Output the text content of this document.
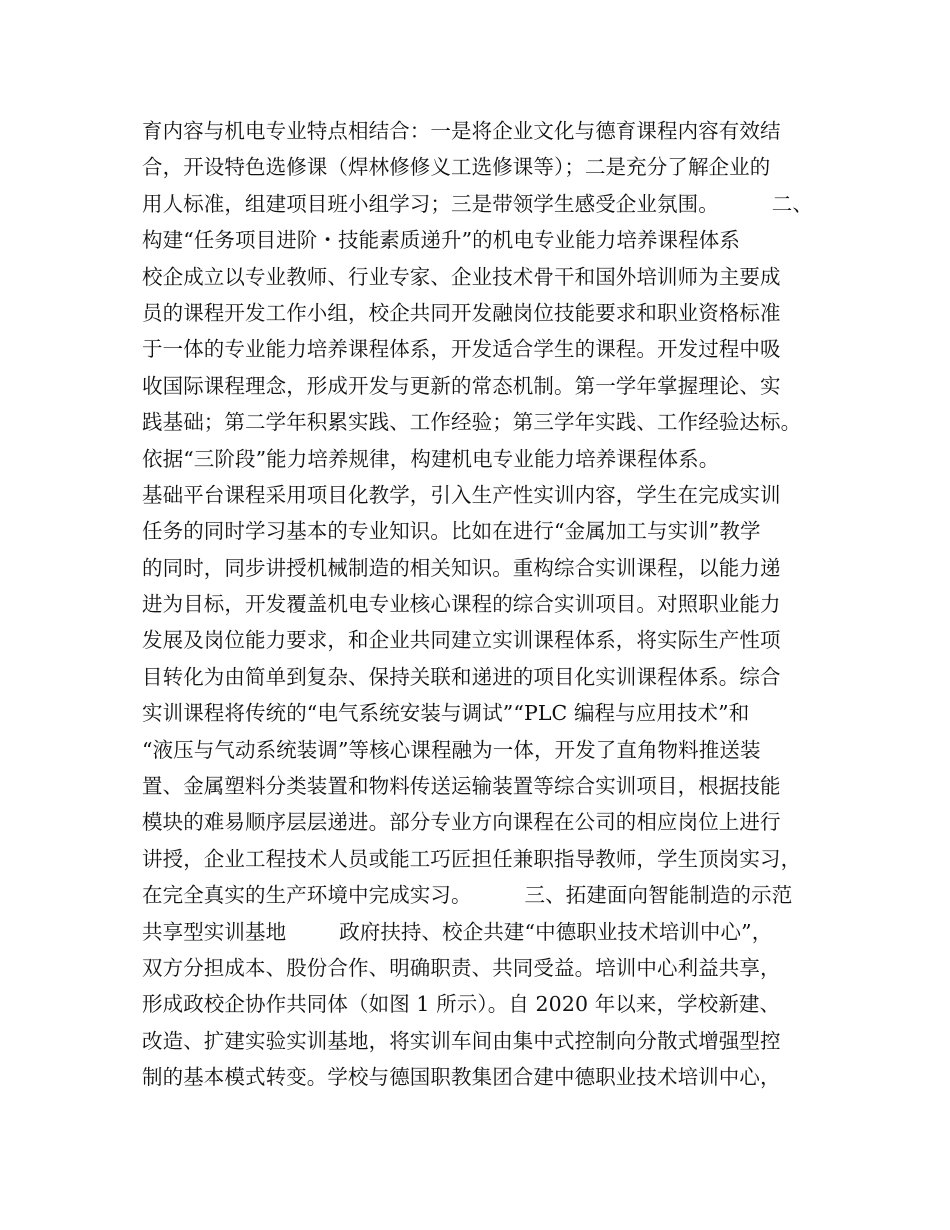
育内容与机电专业特点相结合：一是将企业文化与德育课程内容有效结
合，开设特色选修课（焊林修修义工选修课等）；二是充分了解企业的
用人标准，组建项目班小组学习；三是带领学生感受企业氛围。        二、
构建“任务项目进阶・技能素质递升”的机电专业能力培养课程体系
校企成立以专业教师、行业专家、企业技术骨干和国外培训师为主要成
员的课程开发工作小组，校企共同开发融岗位技能要求和职业资格标准
于一体的专业能力培养课程体系，开发适合学生的课程。开发过程中吸
收国际课程理念，形成开发与更新的常态机制。第一学年掌握理论、实
践基础；第二学年积累实践、工作经验；第三学年实践、工作经验达标。
依据“三阶段”能力培养规律，构建机电专业能力培养课程体系。
基础平台课程采用项目化教学，引入生产性实训内容，学生在完成实训
任务的同时学习基本的专业知识。比如在进行“金属加工与实训”教学
的同时，同步讲授机械制造的相关知识。重构综合实训课程，以能力递
进为目标，开发覆盖机电专业核心课程的综合实训项目。对照职业能力
发展及岗位能力要求，和企业共同建立实训课程体系，将实际生产性项
目转化为由简单到复杂、保持关联和递进的项目化实训课程体系。综合
实训课程将传统的“电气系统安装与调试”“PLC 编程与应用技术”和
“液压与气动系统装调”等核心课程融为一体，开发了直角物料推送装
置、金属塑料分类装置和物料传送运输装置等综合实训项目，根据技能
模块的难易顺序层层递进。部分专业方向课程在公司的相应岗位上进行
讲授，企业工程技术人员或能工巧匠担任兼职指导教师，学生顶岗实习，
在完全真实的生产环境中完成实习。        三、拓建面向智能制造的示范
共享型实训基地        政府扶持、校企共建“中德职业技术培训中心”，
双方分担成本、股份合作、明确职责、共同受益。培训中心利益共享，
形成政校企协作共同体（如图 1 所示）。自 2020 年以来，学校新建、
改造、扩建实验实训基地，将实训车间由集中式控制向分散式增强型控
制的基本模式转变。学校与德国职教集团合建中德职业技术培训中心，
